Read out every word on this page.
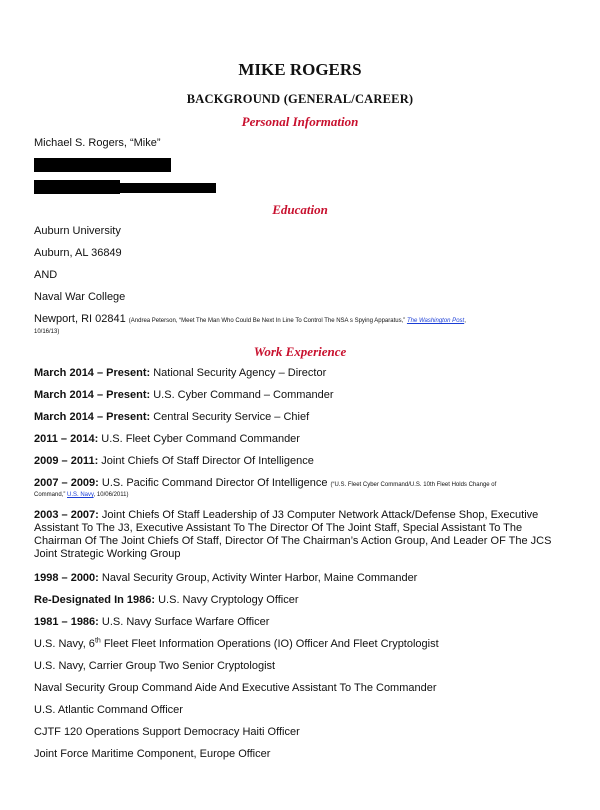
MIKE ROGERS
BACKGROUND (GENERAL/CAREER)
Personal Information
Michael S. Rogers, “Mike”
Education
Auburn University
Auburn, AL 36849
AND
Naval War College
Newport, RI 02841 (Andrea Peterson, “Meet The Man Who Could Be Next In Line To Control The NSA s Spying Apparatus,” The Washington Post,
10/16/13)
Work Experience
March 2014 – Present: National Security Agency – Director
March 2014 – Present: U.S. Cyber Command – Commander
March 2014 – Present: Central Security Service – Chief
2011 – 2014: U.S. Fleet Cyber Command Commander
2009 – 2011: Joint Chiefs Of Staff Director Of Intelligence
2007 – 2009: U.S. Pacific Command Director Of Intelligence (“U.S. Fleet Cyber Command/U.S. 10th Fleet Holds Change of
Command,” U.S. Navy, 10/06/2011)
2003 – 2007: Joint Chiefs Of Staff Leadership of J3 Computer Network Attack/Defense Shop, Executive Assistant To The J3, Executive Assistant To The Director Of The Joint Staff, Special Assistant To The Chairman Of The Joint Chiefs Of Staff, Director Of The Chairman’s Action Group, And Leader OF The JCS Joint Strategic Working Group
1998 – 2000: Naval Security Group, Activity Winter Harbor, Maine Commander
Re-Designated In 1986: U.S. Navy Cryptology Officer
1981 – 1986: U.S. Navy Surface Warfare Officer
U.S. Navy, 6th Fleet Fleet Information Operations (IO) Officer And Fleet Cryptologist
U.S. Navy, Carrier Group Two Senior Cryptologist
Naval Security Group Command Aide And Executive Assistant To The Commander
U.S. Atlantic Command Officer
CJTF 120 Operations Support Democracy Haiti Officer
Joint Force Maritime Component, Europe Officer
